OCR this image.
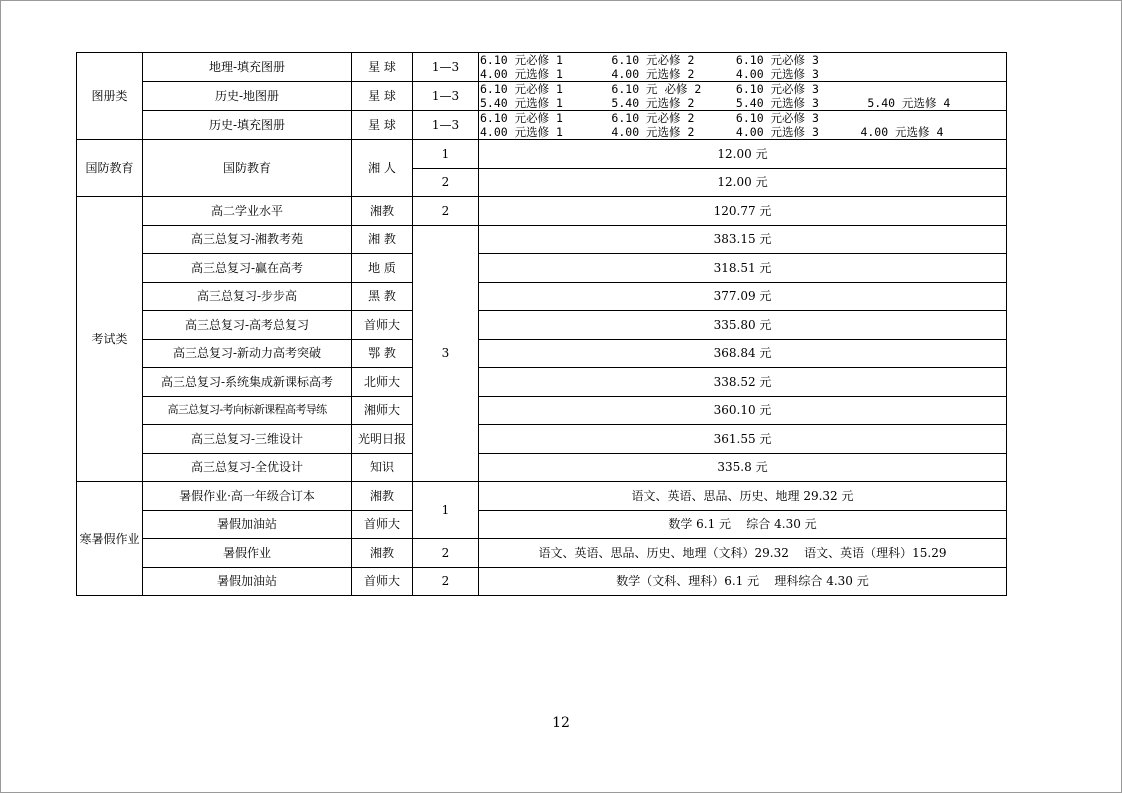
图册类	地理-填充图册	星 球	1—3	6.10 元必修 1       6.10 元必修 2      6.10 元必修 3
4.00 元选修 1       4.00 元选修 2      4.00 元选修 3

	历史-地图册	星 球	1—3	6.10 元必修 1       6.10 元 必修 2     6.10 元必修 3
5.40 元选修 1       5.40 元选修 2      5.40 元选修 3       5.40 元选修 4

	历史-填充图册	星 球	1—3	6.10 元必修 1       6.10 元必修 2      6.10 元必修 3
4.00 元选修 1       4.00 元选修 2      4.00 元选修 3      4.00 元选修 4

国防教育	国防教育	湘 人	1	12.00 元
			2	12.00 元
考试类	高二学业水平	湘教	2	120.77 元
	高三总复习-湘教考苑	湘 教	3	383.15 元
	高三总复习-赢在高考	地 质		318.51 元
	高三总复习-步步高	黑 教		377.09 元
	高三总复习-高考总复习	首师大		335.80 元
	高三总复习-新动力高考突破	鄂 教		368.84 元
	高三总复习-系统集成新课标高考	北师大		338.52 元
	高三总复习-考向标新课程高考导练	湘师大		360.10 元
	高三总复习-三维设计	光明日报		361.55 元
	高三总复习-全优设计	知识		335.8 元
寒暑假作业	暑假作业·高一年级合订本	湘教	1	语文、英语、思品、历史、地理 29.32 元
	暑假加油站	首师大		数学 6.1 元    综合 4.30 元
	暑假作业	湘教	2	语文、英语、思品、历史、地理（文科）29.32    语文、英语（理科）15.29
	暑假加油站	首师大	2	数学（文科、理科）6.1 元    理科综合 4.30 元
12
